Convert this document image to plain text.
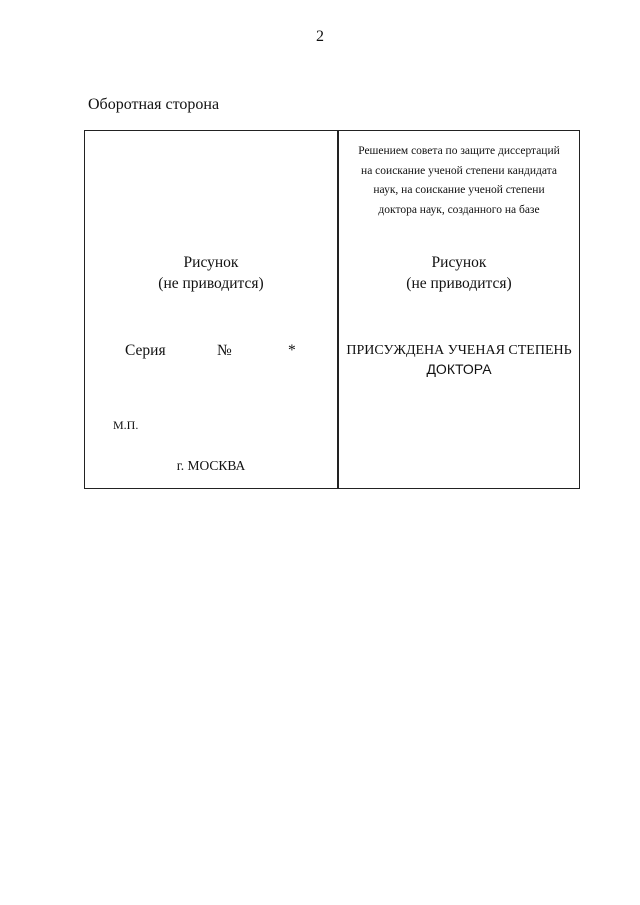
2
Оборотная сторона
Рисунок
(не приводится)
Серия	№	*
М.П.
г. МОСКВА
Решением совета по защите диссертаций
на соискание ученой степени кандидата
наук, на соискание ученой степени
доктора наук, созданного на базе
Рисунок
(не приводится)
ПРИСУЖДЕНА УЧЕНАЯ СТЕПЕНЬ
ДОКТОРА
